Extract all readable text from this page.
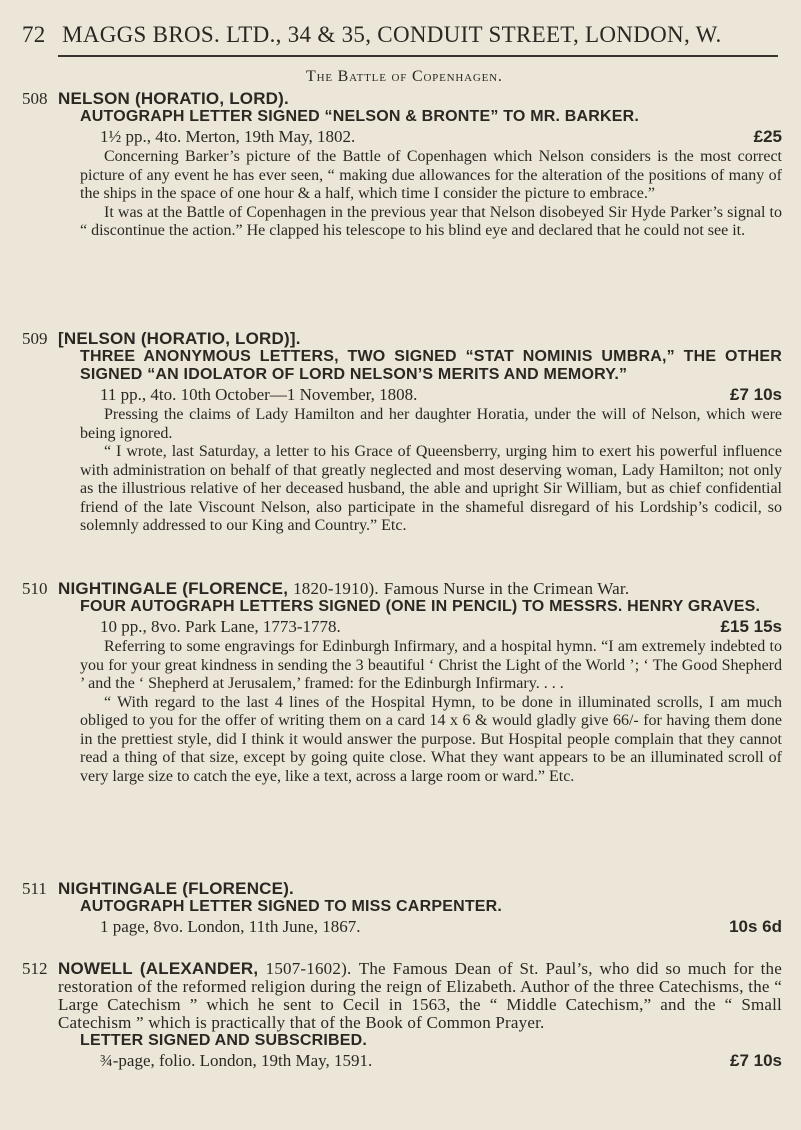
72 MAGGS BROS. LTD., 34 & 35, CONDUIT STREET, LONDON, W.
The Battle of Copenhagen.
508 NELSON (HORATIO, LORD).
AUTOGRAPH LETTER SIGNED “NELSON & BRONTE” TO MR. BARKER.
1½ pp., 4to. Merton, 19th May, 1802.	£25
Concerning Barker’s picture of the Battle of Copenhagen which Nelson considers is the most correct picture of any event he has ever seen, “ making due allowances for the alteration of the positions of many of the ships in the space of one hour & a half, which time I consider the picture to embrace.”
It was at the Battle of Copenhagen in the previous year that Nelson disobeyed Sir Hyde Parker’s signal to “ discontinue the action.” He clapped his telescope to his blind eye and declared that he could not see it.
509 [NELSON (HORATIO, LORD)].
THREE ANONYMOUS LETTERS, TWO SIGNED “STAT NOMINIS UMBRA,” THE OTHER SIGNED “AN IDOLATOR OF LORD NELSON’S MERITS AND MEMORY.”
11 pp., 4to. 10th October—1 November, 1808.	£7 10s
Pressing the claims of Lady Hamilton and her daughter Horatia, under the will of Nelson, which were being ignored.
“ I wrote, last Saturday, a letter to his Grace of Queensberry, urging him to exert his powerful influence with administration on behalf of that greatly neglected and most deserving woman, Lady Hamilton; not only as the illustrious relative of her deceased husband, the able and upright Sir William, but as chief confidential friend of the late Viscount Nelson, also participate in the shameful disregard of his Lordship’s codicil, so solemnly addressed to our King and Country.” Etc.
510 NIGHTINGALE (FLORENCE, 1820-1910). Famous Nurse in the Crimean War.
FOUR AUTOGRAPH LETTERS SIGNED (ONE IN PENCIL) TO MESSRS. HENRY GRAVES.
10 pp., 8vo. Park Lane, 1773-1778.	£15 15s
Referring to some engravings for Edinburgh Infirmary, and a hospital hymn. “I am extremely indebted to you for your great kindness in sending the 3 beautiful ‘ Christ the Light of the World ’; ‘ The Good Shepherd ’ and the ‘ Shepherd at Jerusalem,’ framed: for the Edinburgh Infirmary. . . .
“ With regard to the last 4 lines of the Hospital Hymn, to be done in illuminated scrolls, I am much obliged to you for the offer of writing them on a card 14 x 6 & would gladly give 66/- for having them done in the prettiest style, did I think it would answer the purpose. But Hospital people complain that they cannot read a thing of that size, except by going quite close. What they want appears to be an illuminated scroll of very large size to catch the eye, like a text, across a large room or ward.” Etc.
511 NIGHTINGALE (FLORENCE).
AUTOGRAPH LETTER SIGNED TO MISS CARPENTER.
1 page, 8vo. London, 11th June, 1867.	10s 6d
512 NOWELL (ALEXANDER, 1507-1602). The Famous Dean of St. Paul’s, who did so much for the restoration of the reformed religion during the reign of Elizabeth. Author of the three Catechisms, the “ Large Catechism ” which he sent to Cecil in 1563, the “ Middle Catechism,” and the “ Small Catechism ” which is practically that of the Book of Common Prayer.
LETTER SIGNED AND SUBSCRIBED.
¾-page, folio. London, 19th May, 1591.	£7 10s
